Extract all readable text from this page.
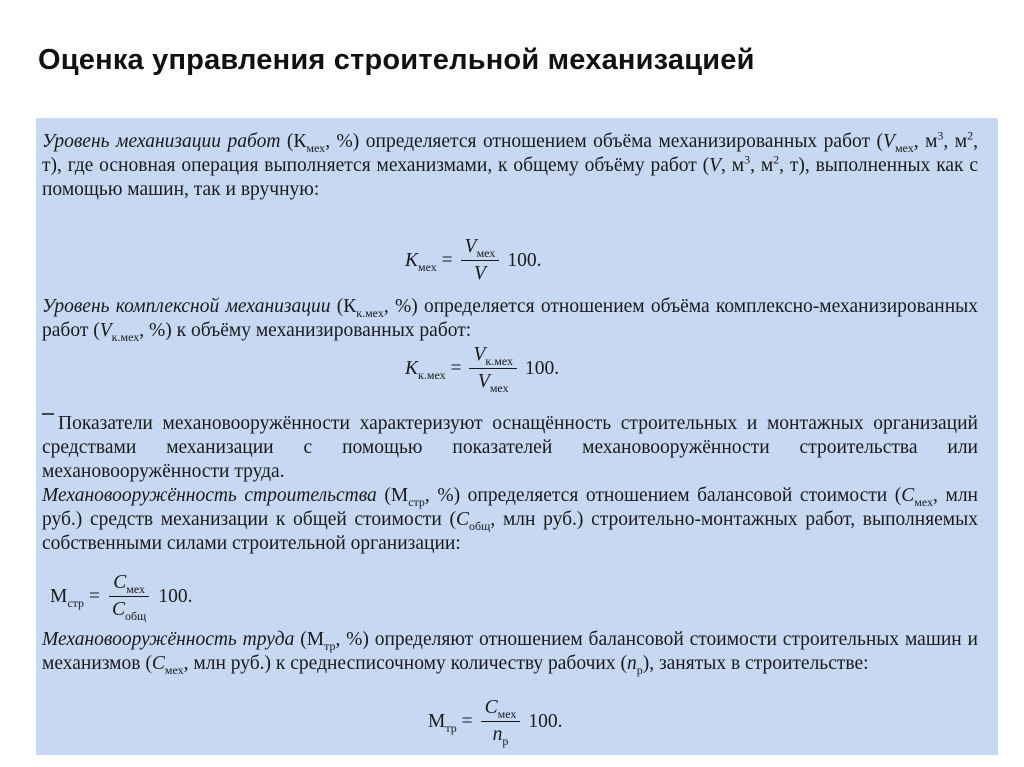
Оценка управления строительной механизацией
Уровень механизации работ ($К_{мех}$, %) определяется отношением объёма механизированных работ ($V_{мех}$, $м^3$, $м^2$, т), где основная операция выполняется механизмами, к общему объёму работ (V, $м^3$, $м^2$, т), выполненных как с помощью машин, так и вручную:
$K_{мех} = \frac{V_{мех}}{V} 100$.
Уровень комплексной механизации ($К_{к.мех}$, %) определяется отношением объёма комплексно-механизированных работ ($V_{к.мех}$, %) к объёму механизированных работ:
$K_{к.мех} = \frac{V_{к.мех}}{V_{мех}} 100$.
Показатели механовооружённости характеризуют оснащённость строительных и монтажных организаций средствами механизации с помощью показателей механовооружённости строительства или механовооружённости труда.
Механовооружённость строительства ($М_{стр}$, %) определяется отношением балансовой стоимости ($С_{мех}$, млн руб.) средств механизации к общей стоимости ($С_{общ}$, млн руб.) строительно-монтажных работ, выполняемых собственными силами строительной организации:
$М_{стр} = \frac{С_{мех}}{С_{общ}} 100$.
Механовооружённость труда ($М_{тр}$, %) определяют отношением балансовой стоимости строительных машин и механизмов ($С_{мех}$, млн руб.) к среднесписочному количеству рабочих $(n_р)$, занятых в строительстве:
$М_{тр} = \frac{С_{мех}}{n_р} 100$.
